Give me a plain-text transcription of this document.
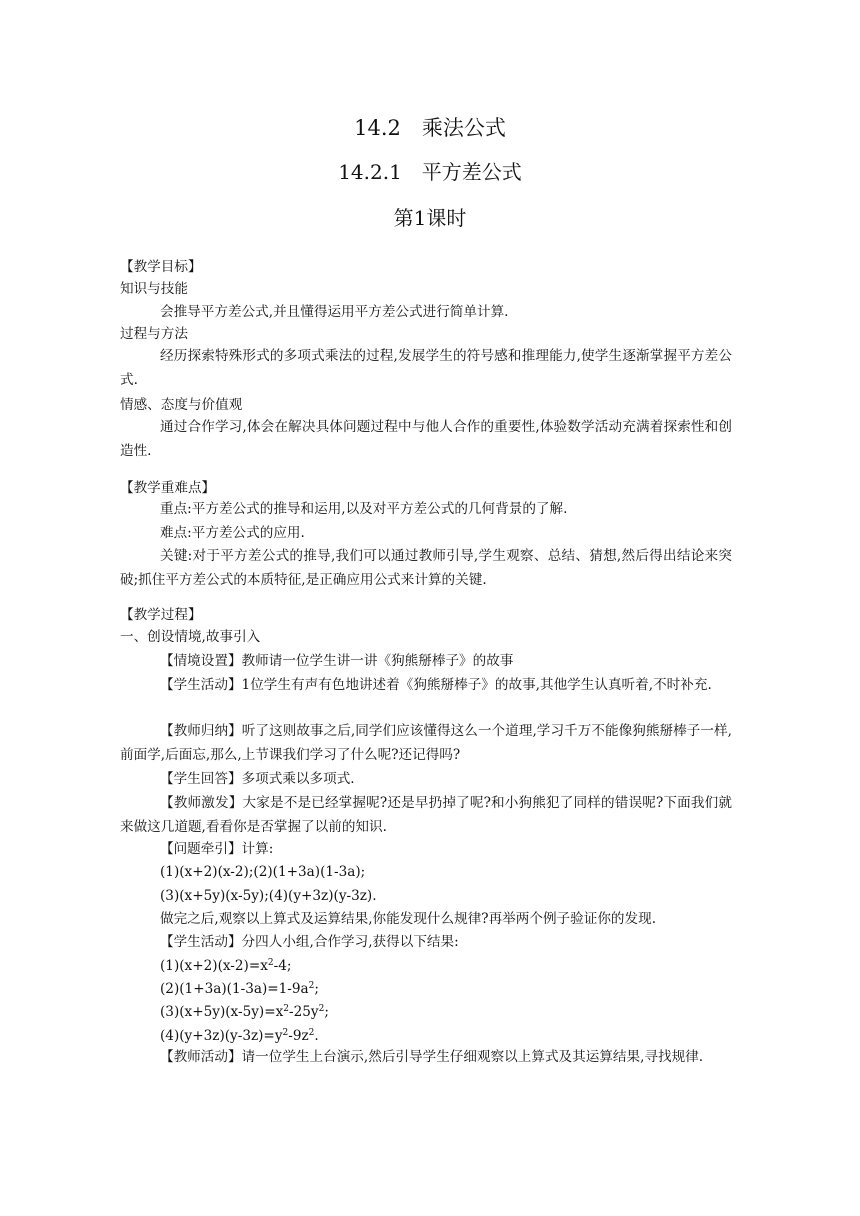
14.2　乘法公式
14.2.1　平方差公式
第1课时
【教学目标】
知识与技能
会推导平方差公式,并且懂得运用平方差公式进行简单计算.
过程与方法
经历探索特殊形式的多项式乘法的过程,发展学生的符号感和推理能力,使学生逐渐掌握平方差公式.
情感、态度与价值观
通过合作学习,体会在解决具体问题过程中与他人合作的重要性,体验数学活动充满着探索性和创造性.
【教学重难点】
重点:平方差公式的推导和运用,以及对平方差公式的几何背景的了解.
难点:平方差公式的应用.
关键:对于平方差公式的推导,我们可以通过教师引导,学生观察、总结、猜想,然后得出结论来突破;抓住平方差公式的本质特征,是正确应用公式来计算的关键.
【教学过程】
一、创设情境,故事引入
【情境设置】教师请一位学生讲一讲《狗熊掰棒子》的故事
【学生活动】1位学生有声有色地讲述着《狗熊掰棒子》的故事,其他学生认真听着,不时补充.
【教师归纳】听了这则故事之后,同学们应该懂得这么一个道理,学习千万不能像狗熊掰棒子一样,前面学,后面忘,那么,上节课我们学习了什么呢?还记得吗?
【学生回答】多项式乘以多项式.
【教师激发】大家是不是已经掌握呢?还是早扔掉了呢?和小狗熊犯了同样的错误呢?下面我们就来做这几道题,看看你是否掌握了以前的知识.
【问题牵引】计算:
(1)(x+2)(x-2);(2)(1+3a)(1-3a);
(3)(x+5y)(x-5y);(4)(y+3z)(y-3z).
做完之后,观察以上算式及运算结果,你能发现什么规律?再举两个例子验证你的发现.
【学生活动】分四人小组,合作学习,获得以下结果:
$(1)(x+2)(x-2)=x^2-4$;
$(2)(1+3a)(1-3a)=1-9a^2$;
$(3)(x+5y)(x-5y)=x^2-25y^2$;
$(4)(y+3z)(y-3z)=y^2-9z^2$.
【教师活动】请一位学生上台演示,然后引导学生仔细观察以上算式及其运算结果,寻找规律.
